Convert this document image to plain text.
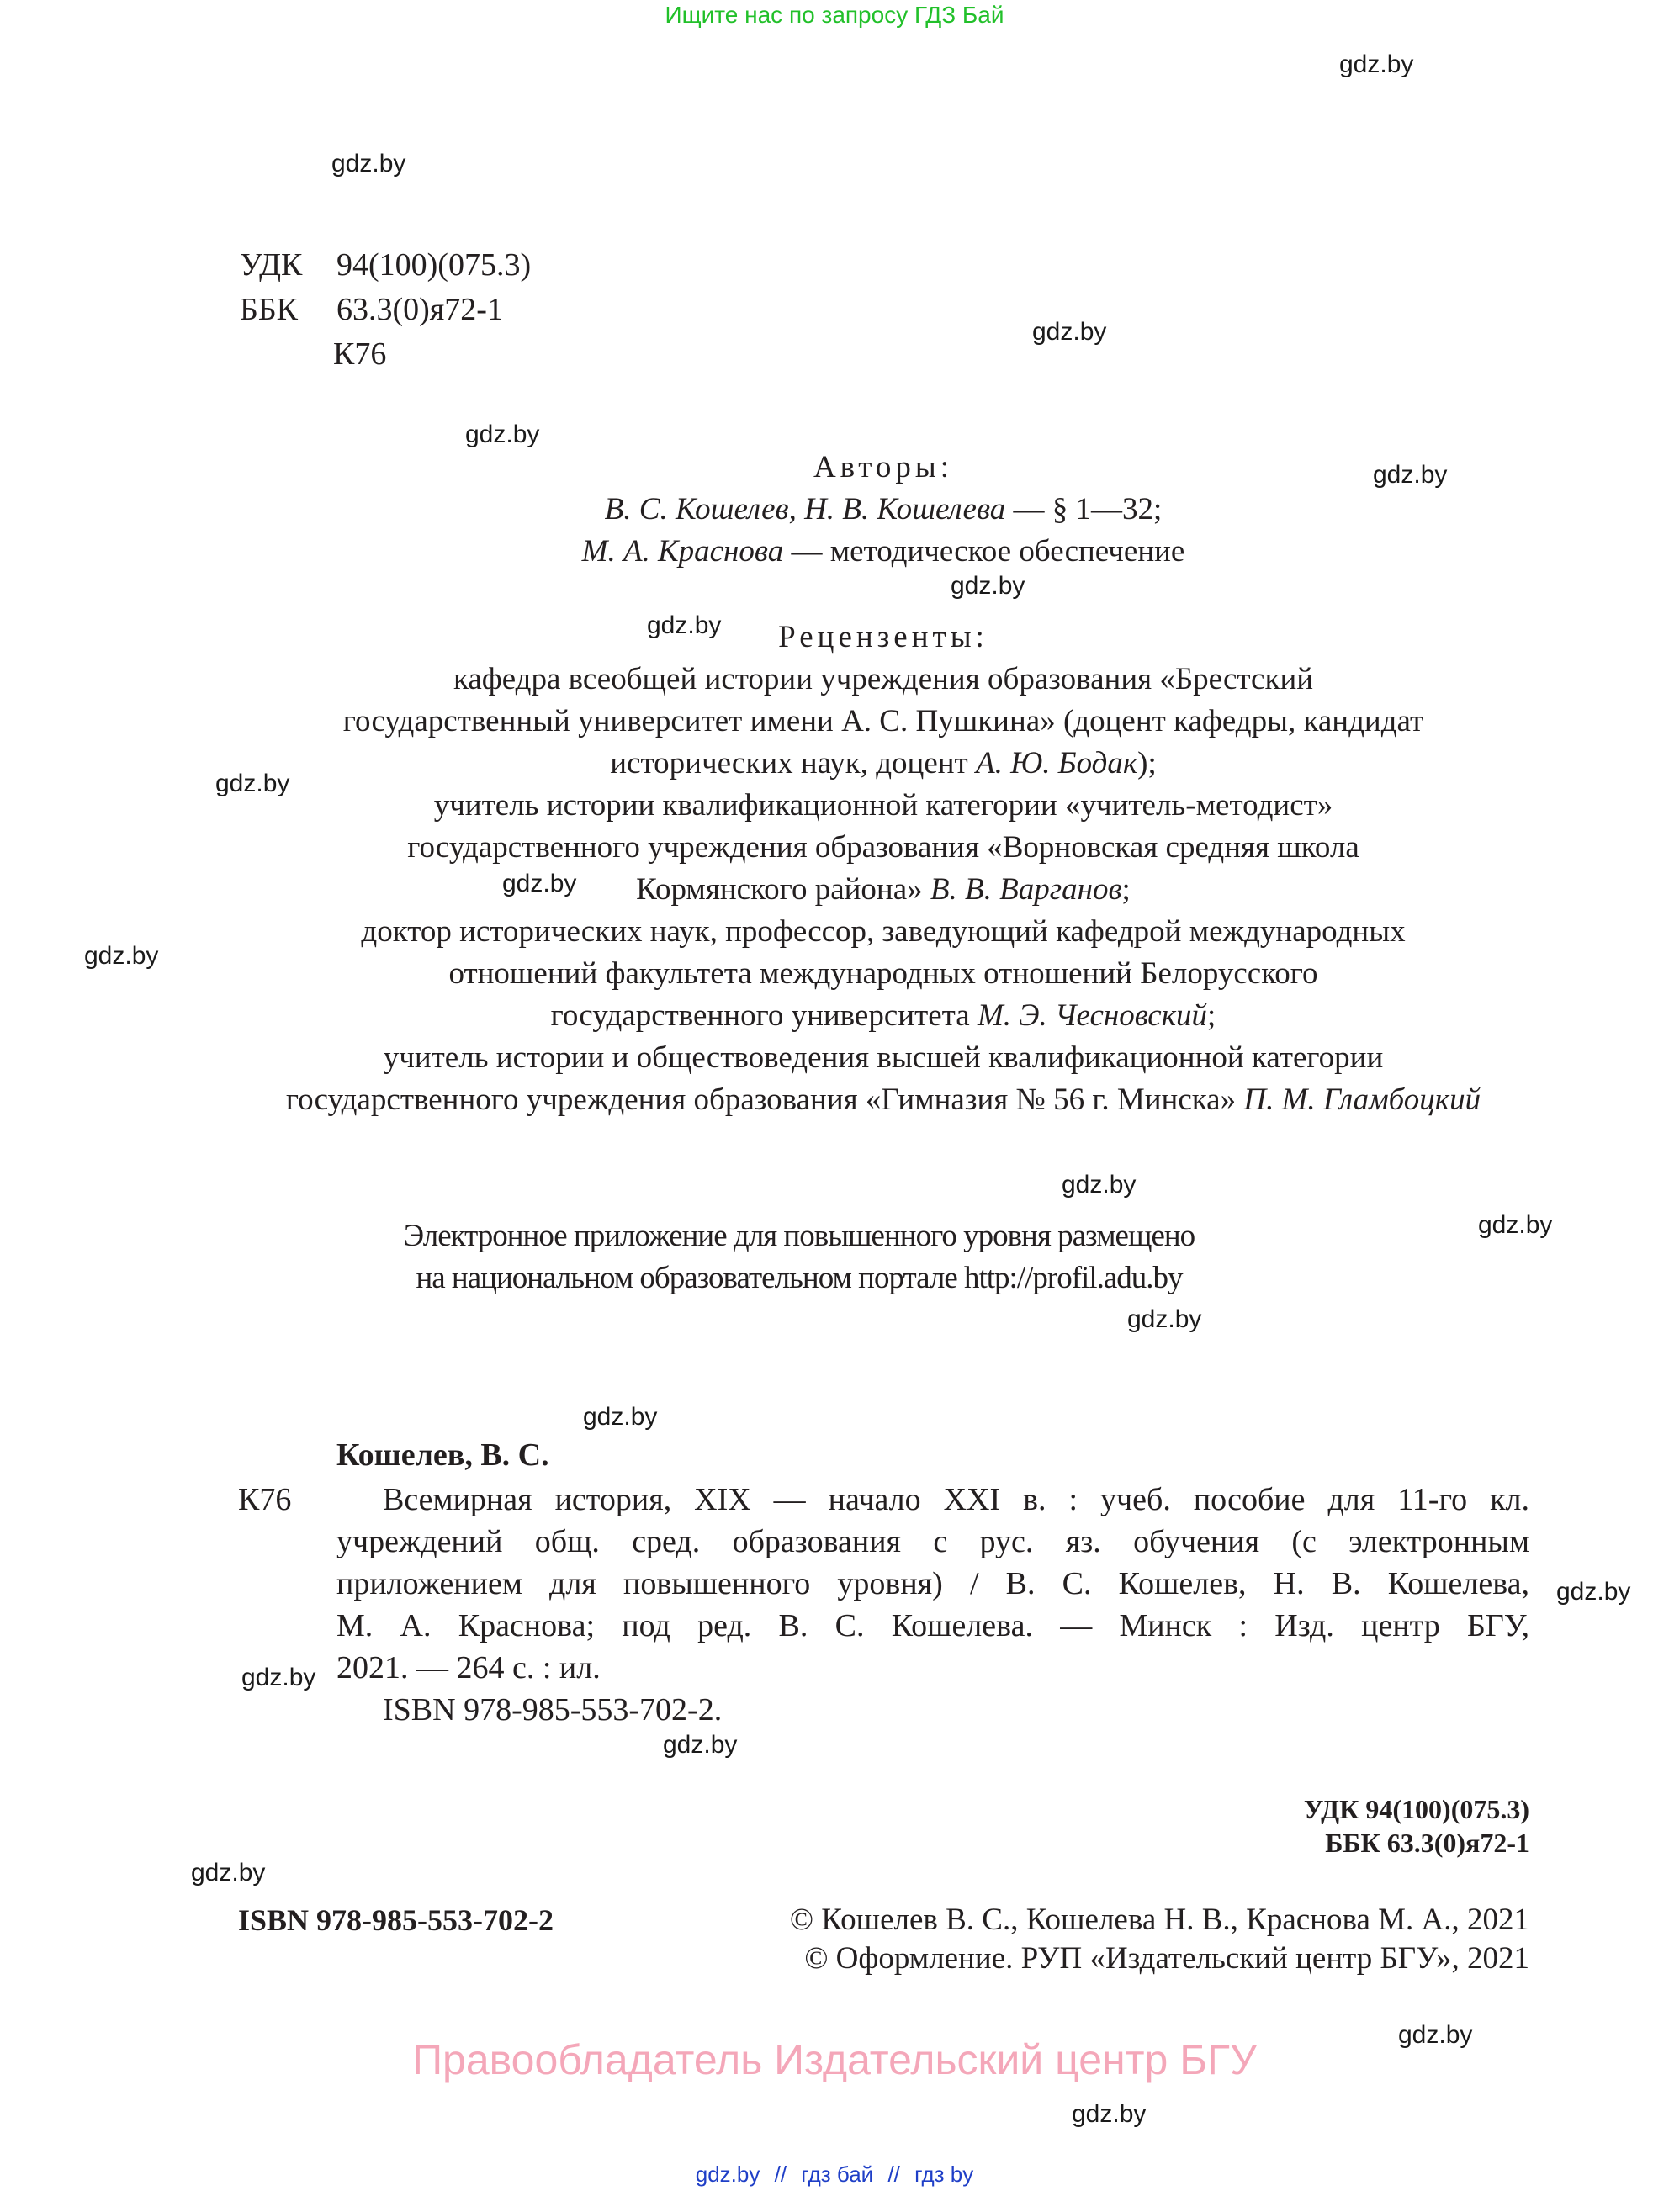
Ищите нас по запросу ГДЗ Бай
gdz.by
gdz.by
gdz.by
gdz.by
gdz.by
gdz.by
gdz.by
gdz.by
gdz.by
gdz.by
gdz.by
gdz.by
gdz.by
gdz.by
gdz.by
gdz.by
gdz.by
gdz.by
gdz.by
gdz.by
УДК 94(100)(075.3)
ББК 63.3(0)я72-1
К76
Авторы:
В. С. Кошелев, Н. В. Кошелева — § 1—32;
М. А. Краснова — методическое обеспечение
Рецензенты:
кафедра всеобщей истории учреждения образования «Брестский
государственный университет имени А. С. Пушкина» (доцент кафедры, кандидат
исторических наук, доцент А. Ю. Бодак);
учитель истории квалификационной категории «учитель-методист»
государственного учреждения образования «Ворновская средняя школа
Кормянского района» В. В. Варганов;
доктор исторических наук, профессор, заведующий кафедрой международных
отношений факультета международных отношений Белорусского
государственного университета М. Э. Чесновский;
учитель истории и обществоведения высшей квалификационной категории
государственного учреждения образования «Гимназия № 56 г. Минска» П. М. Гламбоцкий
Электронное приложение для повышенного уровня размещено
на национальном образовательном портале http://profil.adu.by
Кошелев, В. С.
К76	Всемирная история, XIX — начало XXI в. : учеб. пособие для 11-го кл.
учреждений общ. сред. образования с рус. яз. обучения (с электронным
приложением для повышенного уровня) / В. С. Кошелев, Н. В. Кошелева,
М. А. Краснова; под ред. В. С. Кошелева. — Минск : Изд. центр БГУ,
2021. — 264 с. : ил.
ISBN 978-985-553-702-2.
УДК 94(100)(075.3)
ББК 63.3(0)я72-1
ISBN 978-985-553-702-2	© Кошелев В. С., Кошелева Н. В., Краснова М. А., 2021
© Оформление. РУП «Издательский центр БГУ», 2021
Правообладатель Издательский центр БГУ
gdz.by // гдз бай // гдз by
